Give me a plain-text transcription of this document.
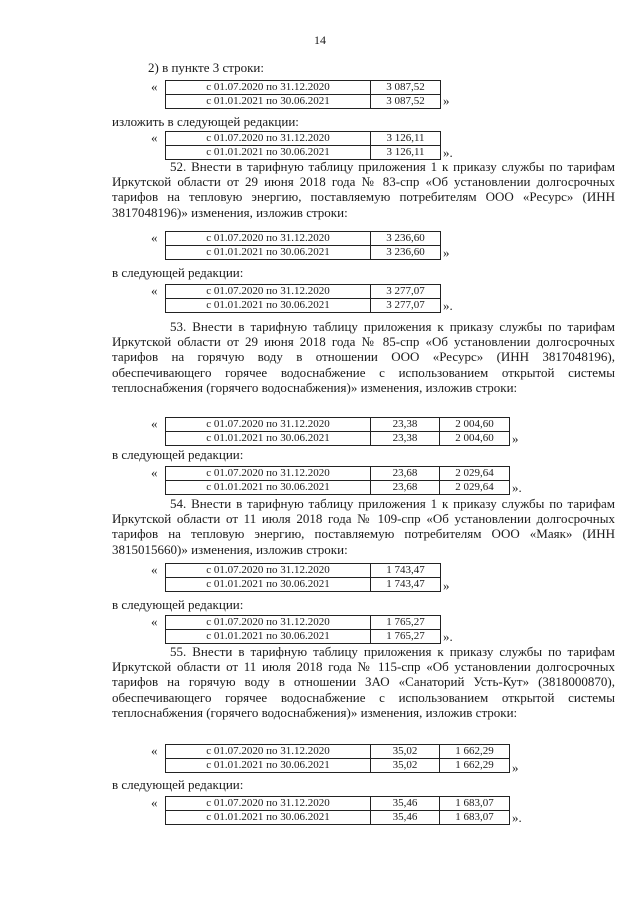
14
2) в пункте 3 строки:
«	с 01.07.2020 по 31.12.2020	3 087,52
с 01.01.2021 по 30.06.2021	3 087,52 »
изложить в следующей редакции:
«	с 01.07.2020 по 31.12.2020	3 126,11
с 01.01.2021 по 30.06.2021	3 126,11 ».
52. Внести в тарифную таблицу приложения 1 к приказу службы по тарифам Иркутской области от 29 июня 2018 года № 83-спр «Об установлении долгосрочных тарифов на тепловую энергию, поставляемую потребителям ООО «Ресурс» (ИНН 3817048196)» изменения, изложив строки:
«	с 01.07.2020 по 31.12.2020	3 236,60
с 01.01.2021 по 30.06.2021	3 236,60 »
в следующей редакции:
«	с 01.07.2020 по 31.12.2020	3 277,07
с 01.01.2021 по 30.06.2021	3 277,07 ».
53. Внести в тарифную таблицу приложения к приказу службы по тарифам Иркутской области от 29 июня 2018 года № 85-спр «Об установлении долгосрочных тарифов на горячую воду в отношении ООО «Ресурс» (ИНН 3817048196), обеспечивающего горячее водоснабжение с использованием открытой системы теплоснабжения (горячего водоснабжения)» изменения, изложив строки:
«	с 01.07.2020 по 31.12.2020	23,38	2 004,60
с 01.01.2021 по 30.06.2021	23,38	2 004,60 »
в следующей редакции:
«	с 01.07.2020 по 31.12.2020	23,68	2 029,64
с 01.01.2021 по 30.06.2021	23,68	2 029,64 ».
54. Внести в тарифную таблицу приложения 1 к приказу службы по тарифам Иркутской области от 11 июля 2018 года № 109-спр «Об установлении долгосрочных тарифов на тепловую энергию, поставляемую потребителям ООО «Маяк» (ИНН 3815015660)» изменения, изложив строки:
«	с 01.07.2020 по 31.12.2020	1 743,47
с 01.01.2021 по 30.06.2021	1 743,47 »
в следующей редакции:
«	с 01.07.2020 по 31.12.2020	1 765,27
с 01.01.2021 по 30.06.2021	1 765,27 ».
55. Внести в тарифную таблицу приложения к приказу службы по тарифам Иркутской области от 11 июля 2018 года № 115-спр «Об установлении долгосрочных тарифов на горячую воду в отношении ЗАО «Санаторий Усть-Кут» (3818000870), обеспечивающего горячее водоснабжение с использованием открытой системы теплоснабжения (горячего водоснабжения)» изменения, изложив строки:
«	с 01.07.2020 по 31.12.2020	35,02	1 662,29
с 01.01.2021 по 30.06.2021	35,02	1 662,29 »
в следующей редакции:
«	с 01.07.2020 по 31.12.2020	35,46	1 683,07
с 01.01.2021 по 30.06.2021	35,46	1 683,07 ».
